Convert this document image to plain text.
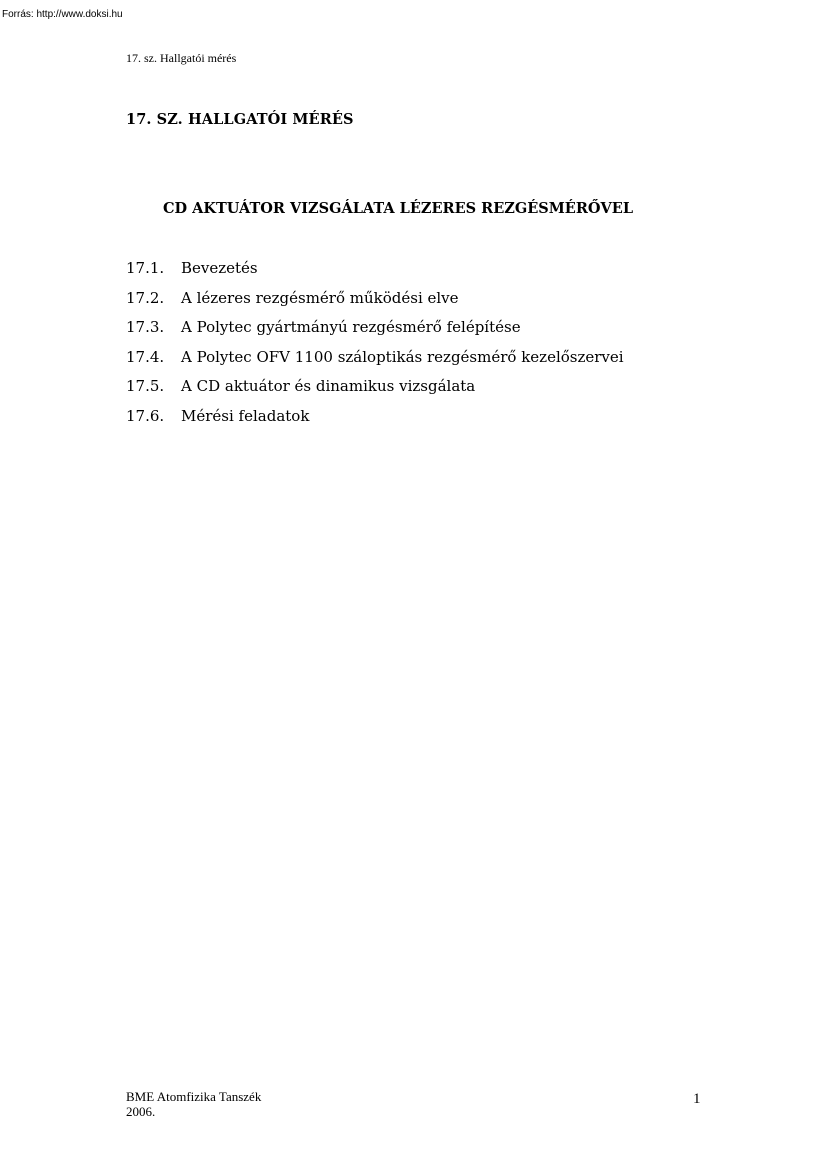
Forrás: http://www.doksi.hu
17. sz. Hallgatói mérés
17. SZ. HALLGATÓI MÉRÉS
CD AKTUÁTOR VIZSGÁLATA LÉZERES REZGÉSMÉRŐVEL
17.1.	Bevezetés
17.2.	A lézeres rezgésmérő működési elve
17.3.	A Polytec gyártmányú rezgésmérő felépítése
17.4.	A Polytec OFV 1100 száloptikás rezgésmérő kezelőszervei
17.5.	A CD aktuátor és dinamikus vizsgálata
17.6.	Mérési feladatok
BME Atomfizika Tanszék
2006.
1
